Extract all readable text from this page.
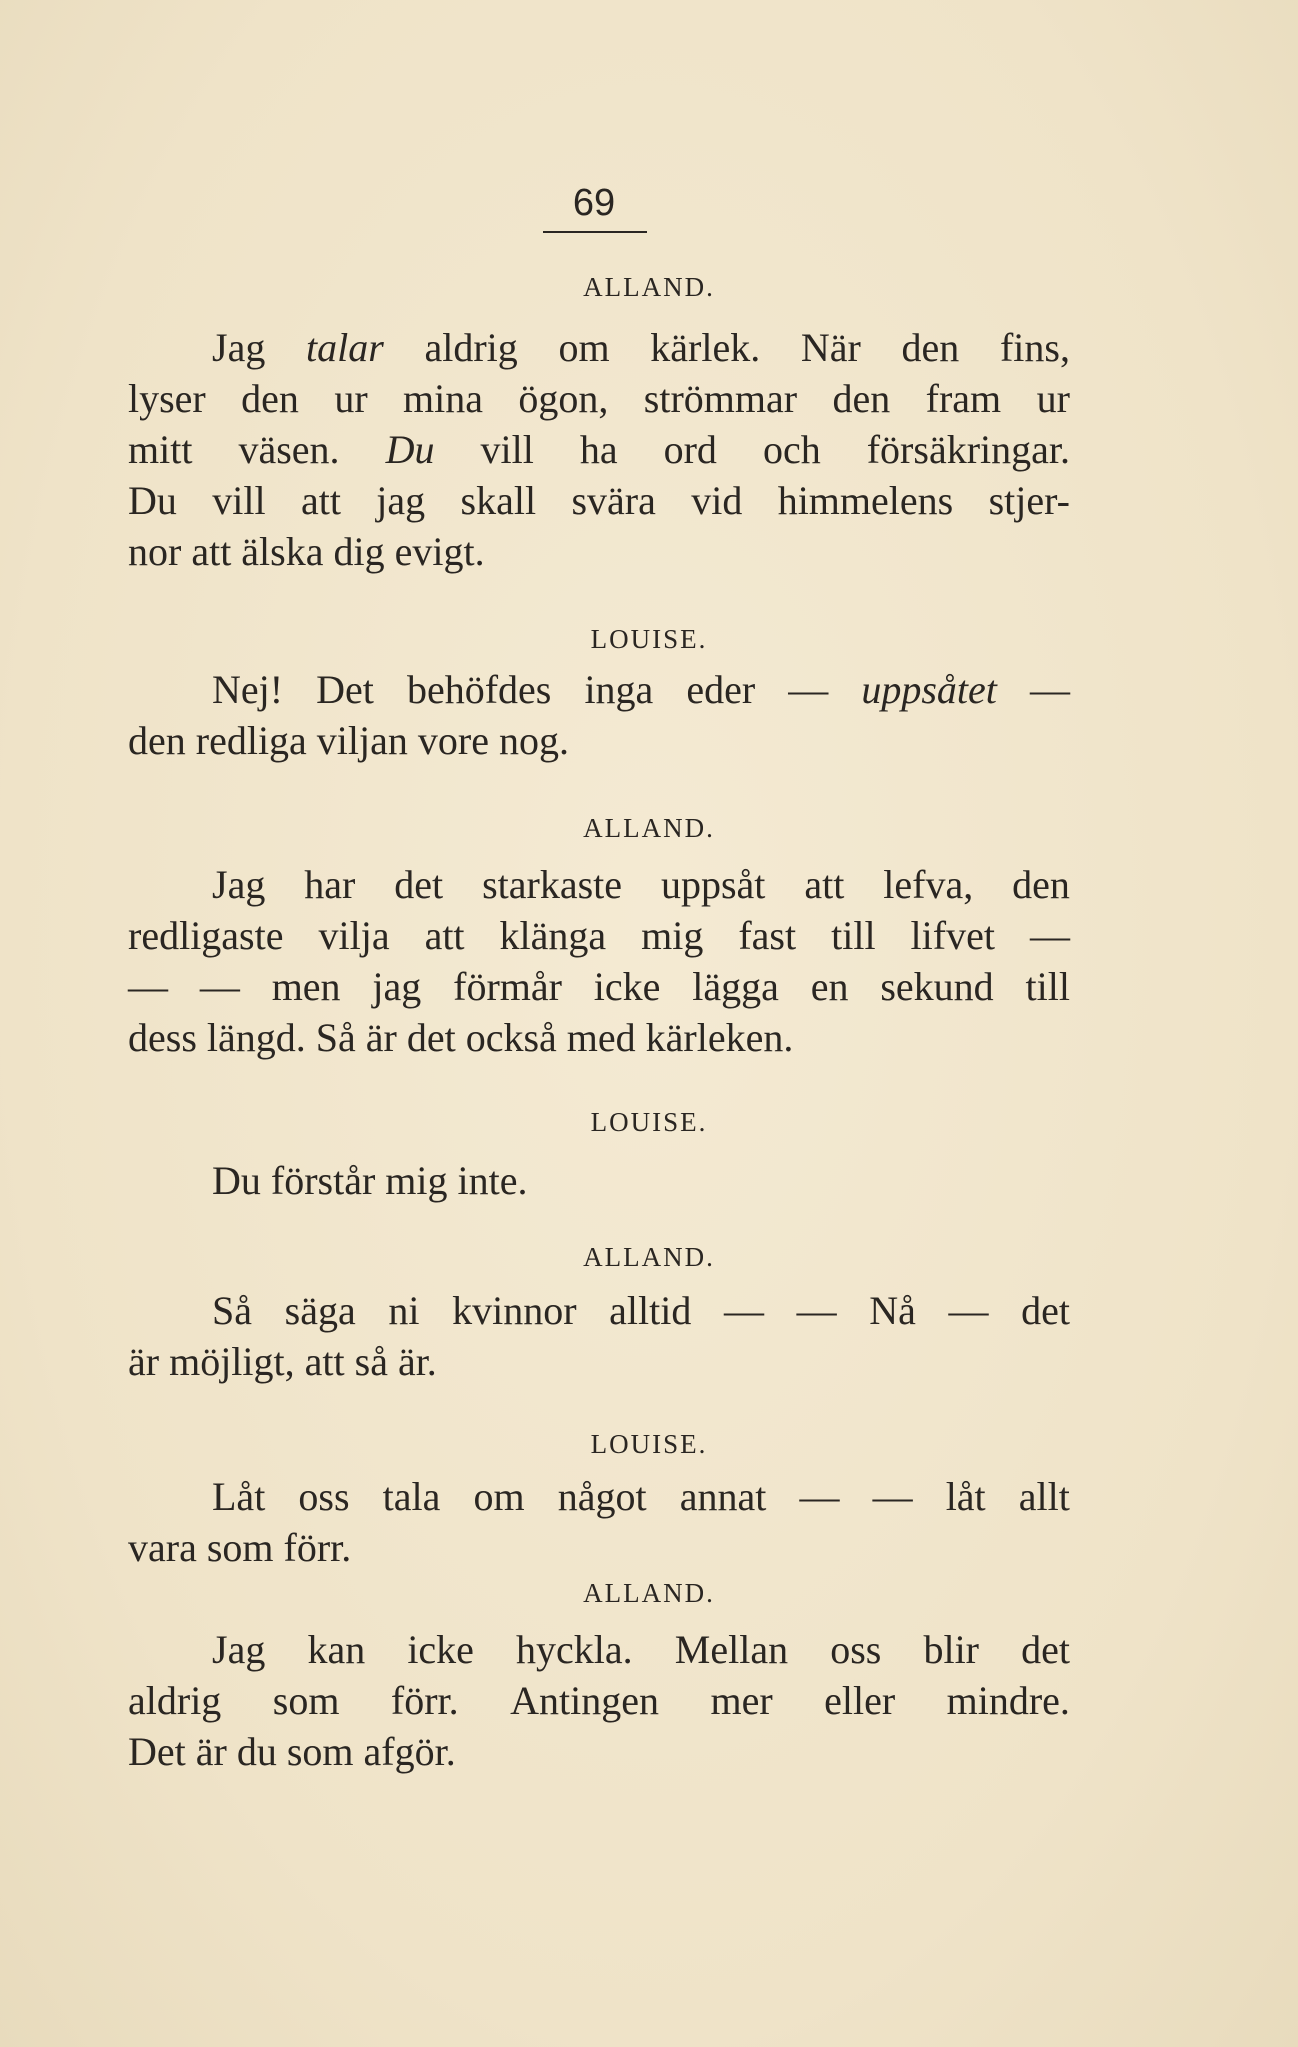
69
ALLAND.
Jag talar aldrig om kärlek. När den fins,
lyser den ur mina ögon, strömmar den fram ur
mitt väsen. Du vill ha ord och försäkringar.
Du vill att jag skall svära vid himmelens stjer-
nor att älska dig evigt.
LOUISE.
Nej! Det behöfdes inga eder — uppsåtet —
den redliga viljan vore nog.
ALLAND.
Jag har det starkaste uppsåt att lefva, den
redligaste vilja att klänga mig fast till lifvet —
— — men jag förmår icke lägga en sekund till
dess längd. Så är det också med kärleken.
LOUISE.
Du förstår mig inte.
ALLAND.
Så säga ni kvinnor alltid — — Nå — det
är möjligt, att så är.
LOUISE.
Låt oss tala om något annat — — låt allt
vara som förr.
ALLAND.
Jag kan icke hyckla. Mellan oss blir det
aldrig som förr. Antingen mer eller mindre.
Det är du som afgör.
